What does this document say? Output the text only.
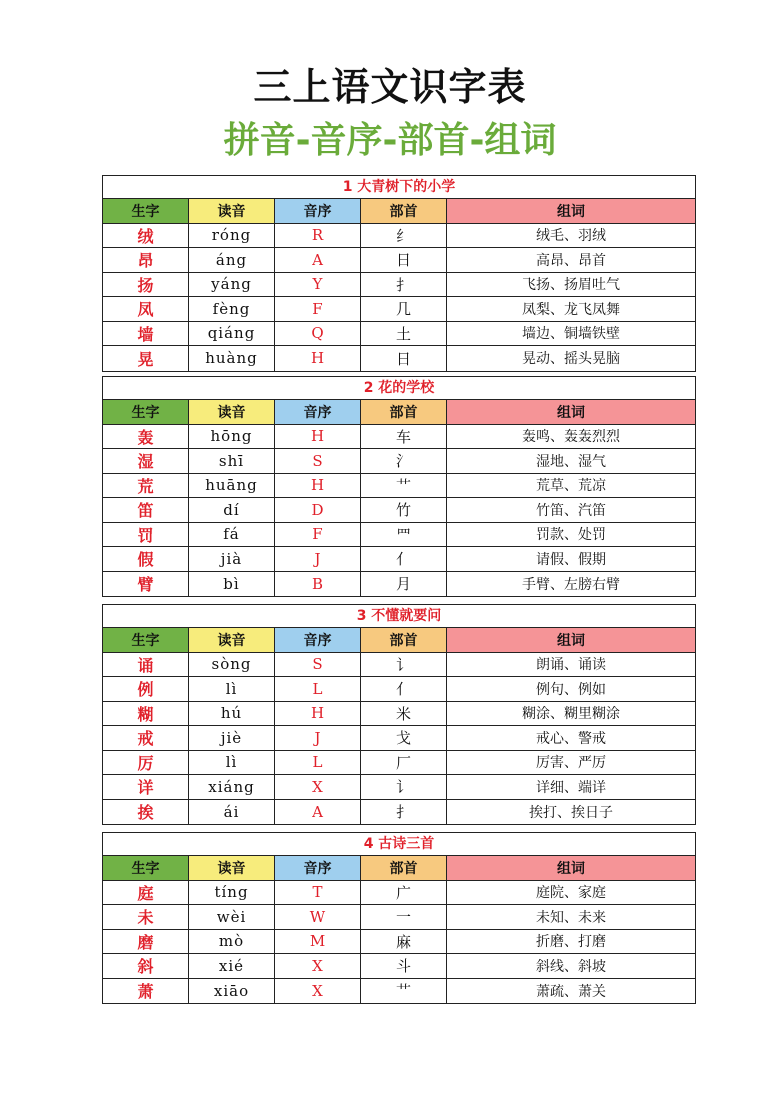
三上语文识字表
拼音-音序-部首-组词
1 大青树下的小学
生字	读音	音序	部首	组词
绒	róng	R	纟	绒毛、羽绒
昂	áng	A	日	高昂、昂首
扬	yáng	Y	扌	飞扬、扬眉吐气
凤	fèng	F	几	凤梨、龙飞凤舞
墙	qiáng	Q	土	墙边、铜墙铁壁
晃	huàng	H	日	晃动、摇头晃脑
2 花的学校
生字	读音	音序	部首	组词
轰	hōng	H	车	轰鸣、轰轰烈烈
湿	shī	S	氵	湿地、湿气
荒	huāng	H	艹	荒草、荒凉
笛	dí	D	竹	竹笛、汽笛
罚	fá	F	罒	罚款、处罚
假	jià	J	亻	请假、假期
臂	bì	B	月	手臂、左膀右臂
3 不懂就要问
生字	读音	音序	部首	组词
诵	sòng	S	讠	朗诵、诵读
例	lì	L	亻	例句、例如
糊	hú	H	米	糊涂、糊里糊涂
戒	jiè	J	戈	戒心、警戒
厉	lì	L	厂	厉害、严厉
详	xiáng	X	讠	详细、端详
挨	ái	A	扌	挨打、挨日子
4 古诗三首
生字	读音	音序	部首	组词
庭	tíng	T	广	庭院、家庭
未	wèi	W	一	未知、未来
磨	mò	M	麻	折磨、打磨
斜	xié	X	斗	斜线、斜坡
萧	xiāo	X	艹	萧疏、萧关
